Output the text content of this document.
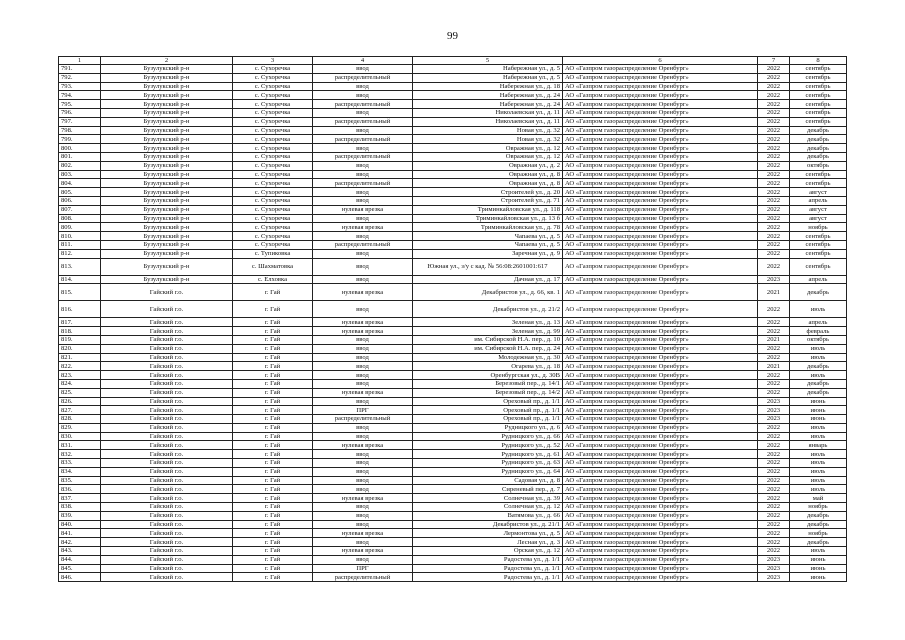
99
1	2	3	4	5	6	7	8
791.	Бузулукский р-н	с. Сухоречка	ввод	Набережная ул., д. 5	АО «Газпром газораспределение Оренбург»	2022	сентябрь
792.	Бузулукский р-н	с. Сухоречка	распределительный	Набережная ул., д. 5	АО «Газпром газораспределение Оренбург»	2022	сентябрь
793.	Бузулукский р-н	с. Сухоречка	ввод	Набережная ул., д. 18	АО «Газпром газораспределение Оренбург»	2022	сентябрь
794.	Бузулукский р-н	с. Сухоречка	ввод	Набережная ул., д. 24	АО «Газпром газораспределение Оренбург»	2022	сентябрь
795.	Бузулукский р-н	с. Сухоречка	распределительный	Набережная ул., д. 24	АО «Газпром газораспределение Оренбург»	2022	сентябрь
796.	Бузулукский р-н	с. Сухоречка	ввод	Николаевская ул., д. 11	АО «Газпром газораспределение Оренбург»	2022	сентябрь
797.	Бузулукский р-н	с. Сухоречка	распределительный	Николаевская ул., д. 11	АО «Газпром газораспределение Оренбург»	2022	сентябрь
798.	Бузулукский р-н	с. Сухоречка	ввод	Новая ул., д. 32	АО «Газпром газораспределение Оренбург»	2022	декабрь
799.	Бузулукский р-н	с. Сухоречка	распределительный	Новая ул., д. 32	АО «Газпром газораспределение Оренбург»	2022	декабрь
800.	Бузулукский р-н	с. Сухоречка	ввод	Овражная ул., д. 12	АО «Газпром газораспределение Оренбург»	2022	декабрь
801.	Бузулукский р-н	с. Сухоречка	распределительный	Овражная ул., д. 12	АО «Газпром газораспределение Оренбург»	2022	декабрь
802.	Бузулукский р-н	с. Сухоречка	ввод	Овражная ул., д. 2	АО «Газпром газораспределение Оренбург»	2022	октябрь
803.	Бузулукский р-н	с. Сухоречка	ввод	Овражная ул., д. 8	АО «Газпром газораспределение Оренбург»	2022	сентябрь
804.	Бузулукский р-н	с. Сухоречка	распределительный	Овражная ул., д. 8	АО «Газпром газораспределение Оренбург»	2022	сентябрь
805.	Бузулукский р-н	с. Сухоречка	ввод	Строителей ул., д. 20	АО «Газпром газораспределение Оренбург»	2022	август
806.	Бузулукский р-н	с. Сухоречка	ввод	Строителей ул., д. 71	АО «Газпром газораспределение Оренбург»	2022	апрель
807.	Бузулукский р-н	с. Сухоречка	нулевая врезка	Триминкайловская ул., д. 118	АО «Газпром газораспределение Оренбург»	2022	август
808.	Бузулукский р-н	с. Сухоречка	ввод	Триминкайловская ул., д. 13 б	АО «Газпром газораспределение Оренбург»	2022	август
809.	Бузулукский р-н	с. Сухоречка	нулевая врезка	Триминкайловская ул., д. 78	АО «Газпром газораспределение Оренбург»	2022	ноябрь
810.	Бузулукский р-н	с. Сухоречка	ввод	Чапаева ул., д. 5	АО «Газпром газораспределение Оренбург»	2022	сентябрь
811.	Бузулукский р-н	с. Сухоречка	распределительный	Чапаева ул., д. 5	АО «Газпром газораспределение Оренбург»	2022	сентябрь
812.	Бузулукский р-н	с. Тупиковка	ввод	Заречная ул., д. 9	АО «Газпром газораспределение Оренбург»	2022	сентябрь
813.	Бузулукский р-н	с. Шахматовка	ввод	Южная ул., з/у с кад. № 56:08:2601001:617	АО «Газпром газораспределение Оренбург»	2022	сентябрь
814.	Бузулукский р-н	с. Елховка	ввод	Дачная ул., д. 17	АО «Газпром газораспределение Оренбург»	2023	апрель
815.	Гайский г.о.	г. Гай	нулевая врезка	Декабристов ул., д. 66, кв. 1	АО «Газпром газораспределение Оренбург»	2021	декабрь
816.	Гайский г.о.	г. Гай	ввод	Декабристов ул., д. 21/2	АО «Газпром газораспределение Оренбург»	2022	июль
817.	Гайский г.о.	г. Гай	нулевая врезка	Зеленая ул., д. 13	АО «Газпром газораспределение Оренбург»	2022	апрель
818.	Гайский г.о.	г. Гай	нулевая врезка	Зеленая ул., д. 99	АО «Газпром газораспределение Оренбург»	2022	февраль
819.	Гайский г.о.	г. Гай	ввод	им. Сибирской Н.А. пер., д. 10	АО «Газпром газораспределение Оренбург»	2021	октябрь
820.	Гайский г.о.	г. Гай	ввод	им. Сибирской Н.А. пер., д. 24	АО «Газпром газораспределение Оренбург»	2022	июль
821.	Гайский г.о.	г. Гай	ввод	Молодежная ул., д. 30	АО «Газпром газораспределение Оренбург»	2022	июль
822.	Гайский г.о.	г. Гай	ввод	Огарева ул., д. 18	АО «Газпром газораспределение Оренбург»	2021	декабрь
823.	Гайский г.о.	г. Гай	ввод	Оренбургская ул., д. 30В	АО «Газпром газораспределение Оренбург»	2022	июль
824.	Гайский г.о.	г. Гай	ввод	Березовый пер., д. 14/1	АО «Газпром газораспределение Оренбург»	2022	декабрь
825.	Гайский г.о.	г. Гай	нулевая врезка	Березовый пер., д. 14/2	АО «Газпром газораспределение Оренбург»	2022	декабрь
826.	Гайский г.о.	г. Гай	ввод	Ореховый пр., д. 1/1	АО «Газпром газораспределение Оренбург»	2023	июнь
827.	Гайский г.о.	г. Гай	ПРГ	Ореховый пр., д. 1/1	АО «Газпром газораспределение Оренбург»	2023	июнь
828.	Гайский г.о.	г. Гай	распределительный	Ореховый пр., д. 1/1	АО «Газпром газораспределение Оренбург»	2023	июнь
829.	Гайский г.о.	г. Гай	ввод	Рудницкого ул., д. 6	АО «Газпром газораспределение Оренбург»	2022	июль
830.	Гайский г.о.	г. Гай	ввод	Рудницкого ул., д. 66	АО «Газпром газораспределение Оренбург»	2022	июль
831.	Гайский г.о.	г. Гай	нулевая врезка	Рудницкого ул., д. 52	АО «Газпром газораспределение Оренбург»	2022	январь
832.	Гайский г.о.	г. Гай	ввод	Рудницкого ул., д. 61	АО «Газпром газораспределение Оренбург»	2022	июль
833.	Гайский г.о.	г. Гай	ввод	Рудницкого ул., д. 63	АО «Газпром газораспределение Оренбург»	2022	июль
834.	Гайский г.о.	г. Гай	ввод	Рудницкого ул., д. 64	АО «Газпром газораспределение Оренбург»	2022	июль
835.	Гайский г.о.	г. Гай	ввод	Садовая ул., д. 8	АО «Газпром газораспределение Оренбург»	2022	июль
836.	Гайский г.о.	г. Гай	ввод	Сиреневый пер., д. 7	АО «Газпром газораспределение Оренбург»	2022	июль
837.	Гайский г.о.	г. Гай	нулевая врезка	Солнечная ул., д. 39	АО «Газпром газораспределение Оренбург»	2022	май
838.	Гайский г.о.	г. Гай	ввод	Солнечная ул., д. 12	АО «Газпром газораспределение Оренбург»	2022	ноябрь
839.	Гайский г.о.	г. Гай	ввод	Ватямова ул., д. 66	АО «Газпром газораспределение Оренбург»	2022	декабрь
840.	Гайский г.о.	г. Гай	ввод	Декабристов ул., д. 21/1	АО «Газпром газораспределение Оренбург»	2022	декабрь
841.	Гайский г.о.	г. Гай	нулевая врезка	Лермонтова ул., д. 5	АО «Газпром газораспределение Оренбург»	2022	ноябрь
842.	Гайский г.о.	г. Гай	ввод	Лесная ул., д. 3	АО «Газпром газораспределение Оренбург»	2022	декабрь
843.	Гайский г.о.	г. Гай	нулевая врезка	Орская ул., д. 12	АО «Газпром газораспределение Оренбург»	2022	июль
844.	Гайский г.о.	г. Гай	ввод	Радостева ул., д. 1/1	АО «Газпром газораспределение Оренбург»	2023	июнь
845.	Гайский г.о.	г. Гай	ПРГ	Радостева ул., д. 1/1	АО «Газпром газораспределение Оренбург»	2023	июнь
846.	Гайский г.о.	г. Гай	распределительный	Радостева ул., д. 1/1	АО «Газпром газораспределение Оренбург»	2023	июнь
